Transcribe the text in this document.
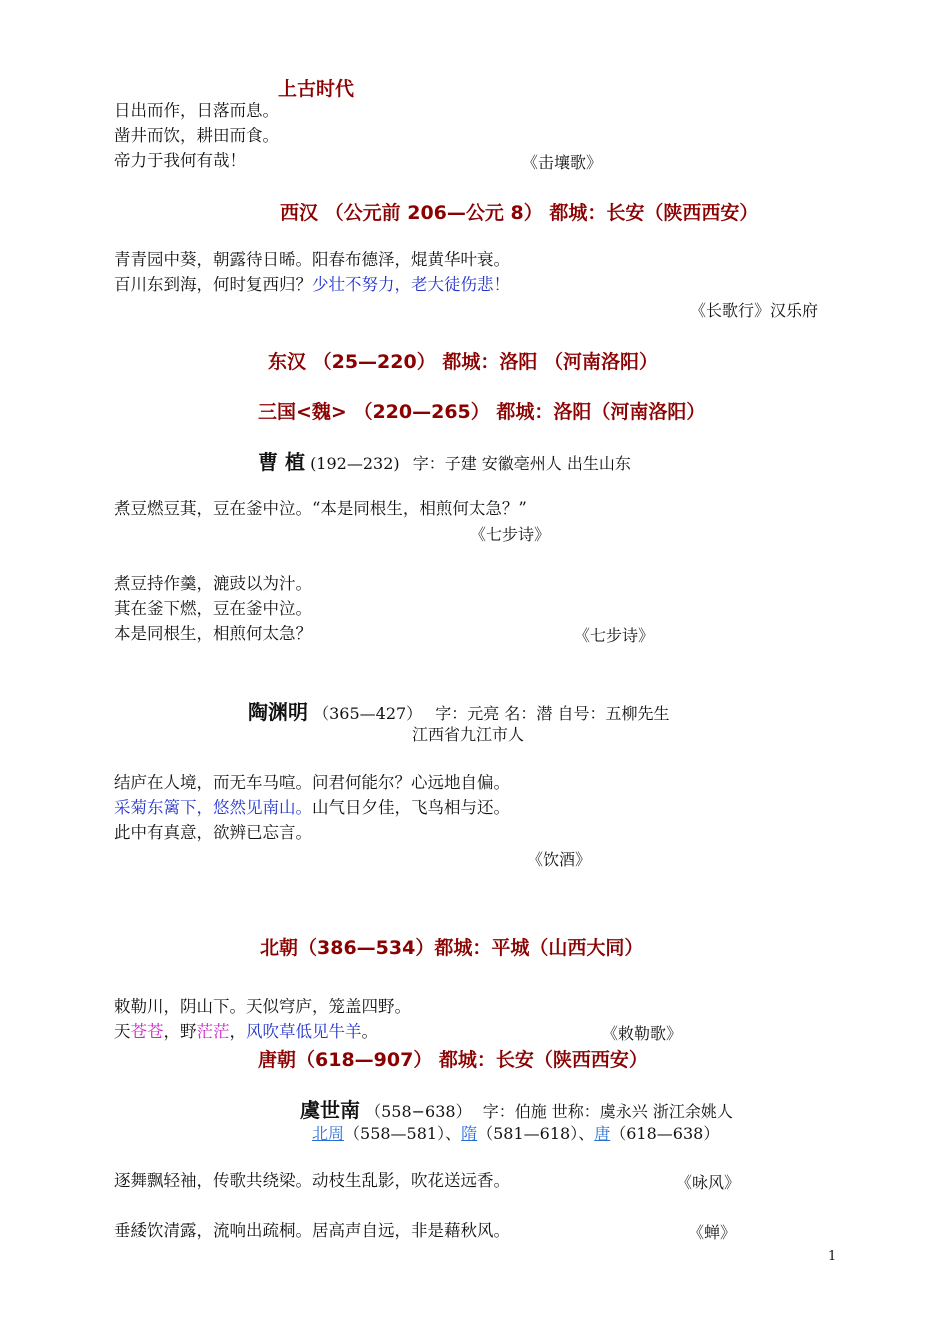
上古时代
日出而作，日落而息。
凿井而饮，耕田而食。
帝力于我何有哉！	《击壤歌》
西汉 （公元前 206—公元 8） 都城：长安（陕西西安）
青青园中葵，朝露待日晞。阳春布德泽，焜黄华叶衰。
百川东到海，何时复西归？少壮不努力，老大徒伤悲！
《长歌行》汉乐府
东汉 （25—220） 都城：洛阳 （河南洛阳）
三国<魏> （220—265） 都城：洛阳（河南洛阳）
曹 植 (192—232) 字：子建 安徽亳州人 出生山东
煮豆燃豆萁，豆在釜中泣。“本是同根生，相煎何太急？”
《七步诗》
煮豆持作羹，漉豉以为汁。
萁在釜下燃，豆在釜中泣。
本是同根生，相煎何太急？	《七步诗》
陶渊明 （365—427） 字：元亮 名：潜 自号：五柳先生
江西省九江市人
结庐在人境，而无车马喧。问君何能尔？心远地自偏。
采菊东篱下，悠然见南山。山气日夕佳，飞鸟相与还。
此中有真意，欲辨已忘言。
《饮酒》
北朝（386—534）都城：平城（山西大同）
敕勒川，阴山下。天似穹庐，笼盖四野。
天苍苍，野茫茫，风吹草低见牛羊。	《敕勒歌》
唐朝（618—907） 都城：长安（陕西西安）
虞世南 （558−638） 字：伯施 世称：虞永兴 浙江余姚人
北周（558—581）、隋（581—618）、唐（618—638）
逐舞飘轻袖，传歌共绕梁。动枝生乱影，吹花送远香。	《咏风》
垂緌饮清露，流响出疏桐。居高声自远，非是藉秋风。	《蝉》
1
